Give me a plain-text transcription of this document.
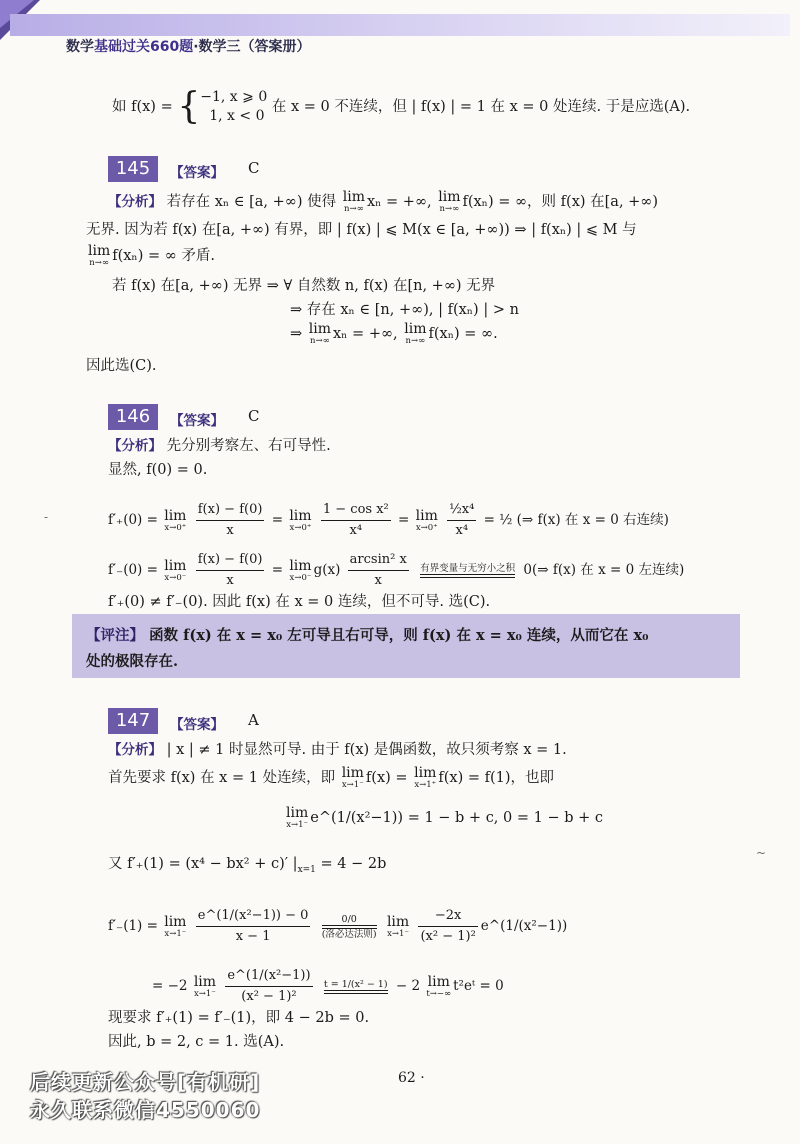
数学基础过关660题·数学三（答案册）
如 f(x) = { −1, x ⩾ 0
1, x < 0
在 x = 0 不连续，但 | f(x) | = 1 在 x = 0 处连续. 于是应选(A).
145	【答案】 C
【分析】 若存在 xₙ ∈ [a, +∞) 使得 lim
n→∞ xₙ = +∞, lim
n→∞ f(xₙ) = ∞，则 f(x) 在[a, +∞)
无界. 因为若 f(x) 在[a, +∞) 有界，即 | f(x) | ⩽ M(x ∈ [a, +∞)) ⇒ | f(xₙ) | ⩽ M 与
lim
n→∞ f(xₙ) = ∞ 矛盾.
若 f(x) 在[a, +∞) 无界 ⇒ ∀ 自然数 n, f(x) 在[n, +∞) 无界
⇒ 存在 xₙ ∈ [n, +∞), | f(xₙ) | > n
⇒ lim
n→∞ xₙ = +∞, lim
n→∞ f(xₙ) = ∞.
因此选(C).
146	【答案】 C
【分析】 先分别考察左、右可导性.
显然, f(0) = 0.
f′₊(0) = lim
x→0⁺
$\frac{f(x) - f(0)}{x} = \lim$
x→0⁺
$\frac{\text{1 − cos x²}}{\text{x⁴}} = \lim$
x→0⁺
$\frac{\text{½x⁴}}{\text{x⁴}}$ = ½ (⇒ f(x) 在 x = 0 右连续)
f′₋(0) = lim
x→0⁻
$\frac{f(x) - f(0)}{x} = \lim$
x→0⁻ $g(x) \frac{\text{arcsin² x}}{x}$
有界变量与无穷小之积 0(⇒ f(x) 在 x = 0 左连续)
f′₊(0) ≠ f′₋(0). 因此 f(x) 在 x = 0 连续，但不可导. 选(C).
【评注】 函数 f(x) 在 x = x₀ 左可导且右可导，则 f(x) 在 x = x₀ 连续，从而它在 x₀
处的极限存在.
147	【答案】 A
【分析】 | x | ≠ 1 时显然可导. 由于 f(x) 是偶函数，故只须考察 x = 1.
首先要求 f(x) 在 x = 1 处连续，即 lim
x→1⁻ f(x) = lim
x→1⁺ f(x) = f(1)，也即
lim
x→1⁻ e^(1/(x²−1)) = 1 − b + c, 0 = 1 − b + c
又 f′₊(1) = (x⁴ − bx² + c)′ $|_{x=1} = 4 - 2b$
f′₋(1) = lim
x→1⁻
$\frac{\text{e\textasciicircum{}(1/(x²−1)) − 0}}{x - 1}$
	0/0
(洛必达法则)

lim
x→1⁻
$\frac{-2x}{\text{(x² − 1)²}}$ e^(1/(x²−1))
= −2 lim
x→1⁻
$\frac{\text{e\textasciicircum{}(1/(x²−1))}}{\text{(x² − 1)²}}$
t = 1/(x² − 1) − 2 lim
t→−∞ t²eᵗ = 0
现要求 f′₊(1) = f′₋(1)，即 4 − 2b = 0.
因此, b = 2, c = 1. 选(A).
-
~
62 ·
后续更新公众号[有机研]
永久联系微信4550060
